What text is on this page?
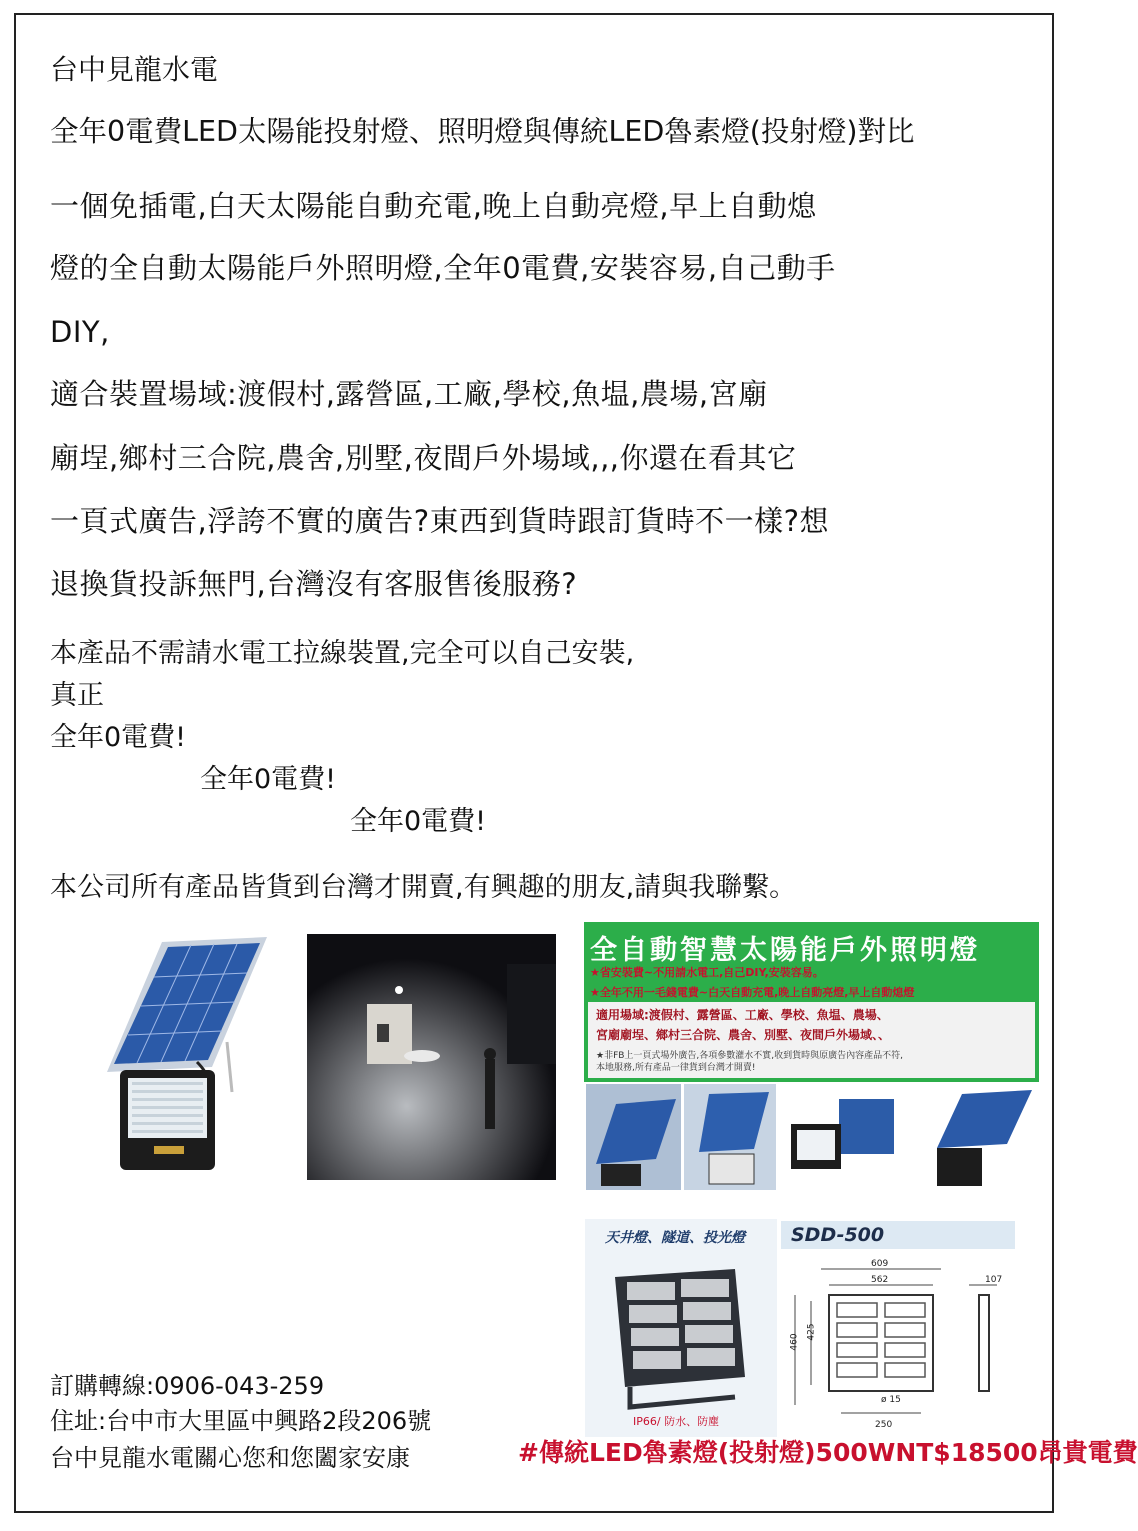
台中見龍水電
全年0電費LED太陽能投射燈、照明燈與傳統LED魯素燈(投射燈)對比
一個免插電,白天太陽能自動充電,晚上自動亮燈,早上自動熄
燈的全自動太陽能戶外照明燈,全年0電費,安裝容易,自己動手
DIY,
適合裝置場域:渡假村,露營區,工廠,學校,魚塭,農場,宮廟
廟埕,鄉村三合院,農舍,別墅,夜間戶外場域,,,你還在看其它
一頁式廣告,浮誇不實的廣告?東西到貨時跟訂貨時不一樣?想
退換貨投訴無門,台灣沒有客服售後服務?
本產品不需請水電工拉線裝置,完全可以自己安裝,
真正
全年0電費!
全年0電費!
全年0電費!
本公司所有產品皆貨到台灣才開賣,有興趣的朋友,請與我聯繫。
全自動智慧太陽能戶外照明燈
★省安裝費~不用請水電工,自己DIY,安裝容易。
★全年不用一毛錢電費~白天自動充電,晚上自動亮燈,早上自動熄燈
適用場域:渡假村、露營區、工廠、學校、魚塭、農場、
宮廟廟埕、鄉村三合院、農舍、別墅、夜間戶外場域、、
★非FB上一頁式場外廣告,各項參數灌水不實,收到貨時與原廣告內容產品不符,
本地服務,所有產品一律貨到台灣才開賣!
天井燈、隧道、投光燈
IP66/ 防水、防塵
SDD-500
609
562	107
460
425
ø 15
250
訂購轉線:0906-043-259
住址:台中市大里區中興路2段206號
台中見龍水電關心您和您闔家安康	#傳統LED魯素燈(投射燈)500WNT$18500昂貴電費
